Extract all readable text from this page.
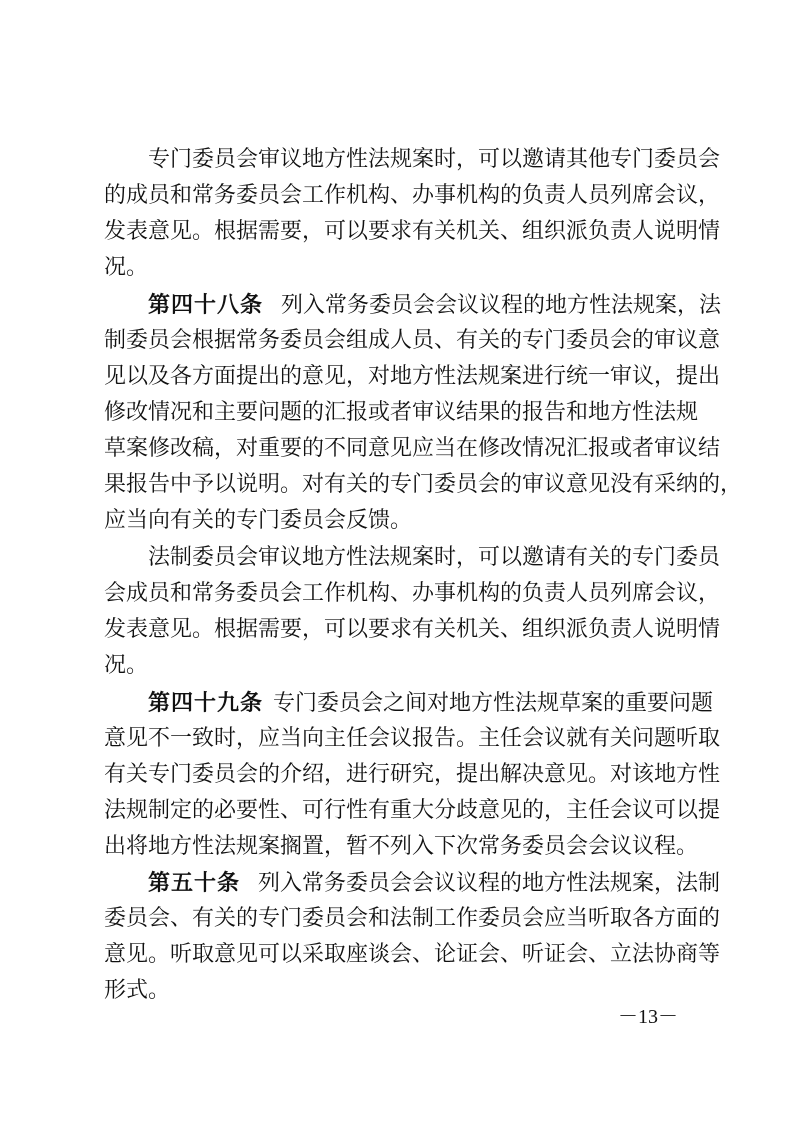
专门委员会审议地方性法规案时，可以邀请其他专门委员会
的成员和常务委员会工作机构、办事机构的负责人员列席会议，
发表意见。根据需要，可以要求有关机关、组织派负责人说明情
况。
第四十八条 列入常务委员会会议议程的地方性法规案，法
制委员会根据常务委员会组成人员、有关的专门委员会的审议意
见以及各方面提出的意见，对地方性法规案进行统一审议，提出
修改情况和主要问题的汇报或者审议结果的报告和地方性法规
草案修改稿，对重要的不同意见应当在修改情况汇报或者审议结
果报告中予以说明。对有关的专门委员会的审议意见没有采纳的，
应当向有关的专门委员会反馈。
法制委员会审议地方性法规案时，可以邀请有关的专门委员
会成员和常务委员会工作机构、办事机构的负责人员列席会议，
发表意见。根据需要，可以要求有关机关、组织派负责人说明情
况。
第四十九条 专门委员会之间对地方性法规草案的重要问题
意见不一致时，应当向主任会议报告。主任会议就有关问题听取
有关专门委员会的介绍，进行研究，提出解决意见。对该地方性
法规制定的必要性、可行性有重大分歧意见的，主任会议可以提
出将地方性法规案搁置，暂不列入下次常务委员会会议议程。
第五十条 列入常务委员会会议议程的地方性法规案，法制
委员会、有关的专门委员会和法制工作委员会应当听取各方面的
意见。听取意见可以采取座谈会、论证会、听证会、立法协商等
形式。
－13－
